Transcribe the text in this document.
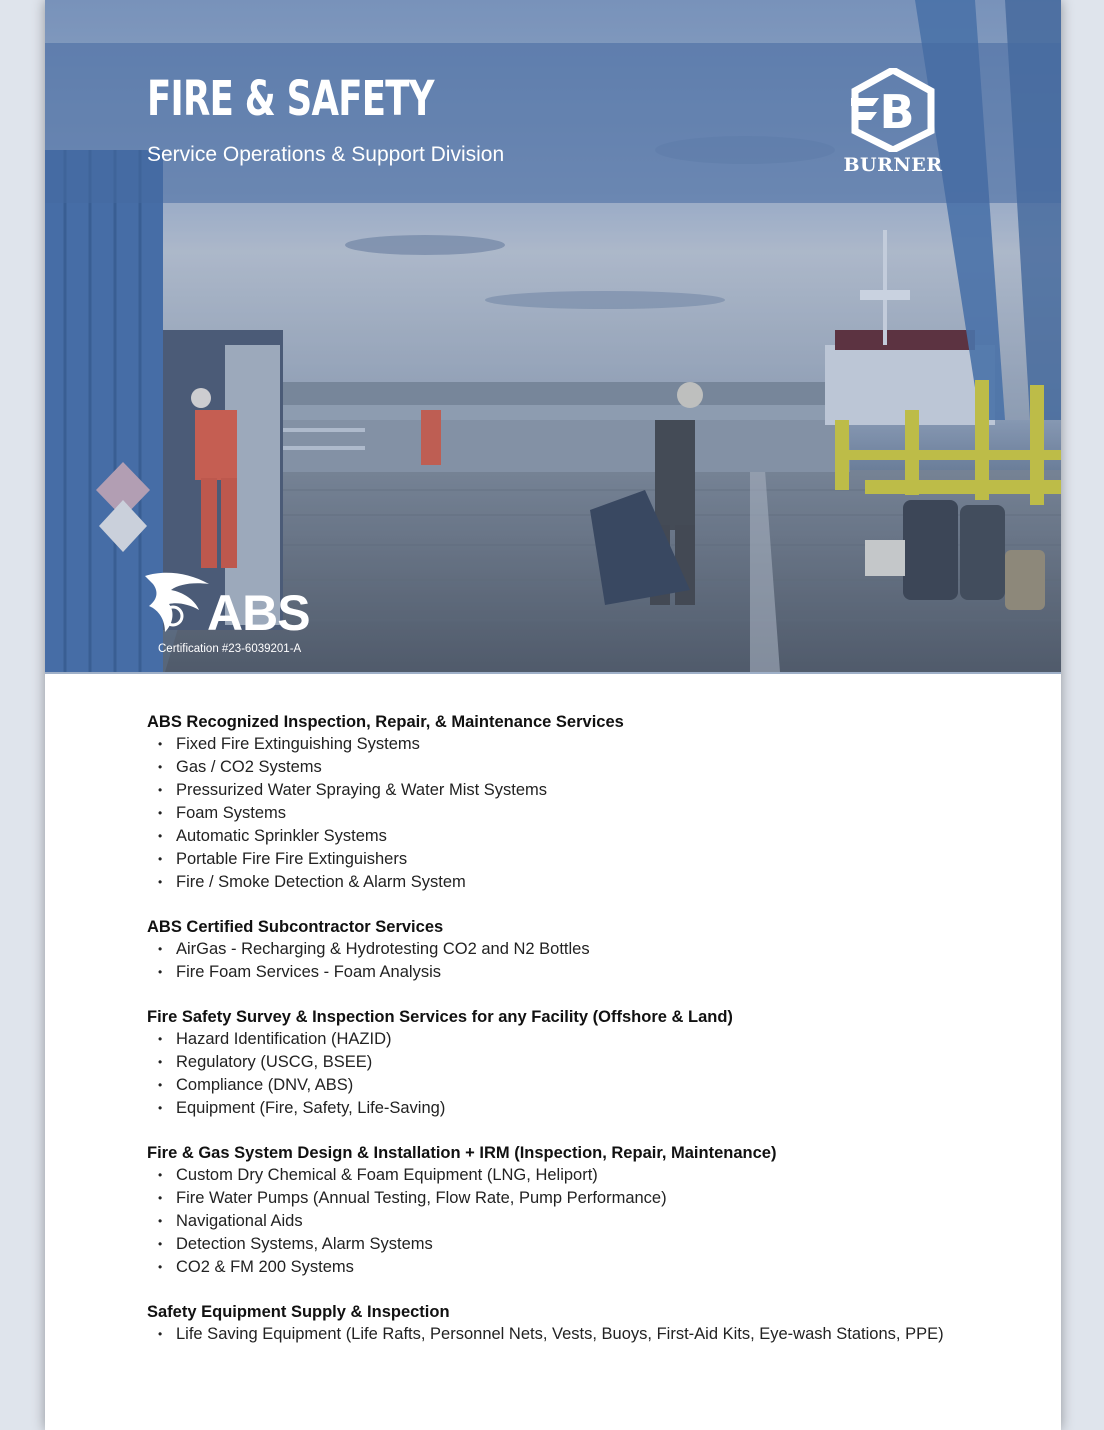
FIRE & SAFETY
Service Operations & Support Division
B
BURNER
ABS
Certification #23-6039201-A
ABS Recognized Inspection, Repair, & Maintenance Services
• Fixed Fire Extinguishing Systems
• Gas / CO2 Systems
• Pressurized Water Spraying & Water Mist Systems
• Foam Systems
• Automatic Sprinkler Systems
• Portable Fire Fire Extinguishers
• Fire / Smoke Detection & Alarm System
ABS Certified Subcontractor Services
• AirGas - Recharging & Hydrotesting CO2 and N2 Bottles
• Fire Foam Services - Foam Analysis
Fire Safety Survey & Inspection Services for any Facility (Offshore & Land)
• Hazard Identification (HAZID)
• Regulatory (USCG, BSEE)
• Compliance (DNV, ABS)
• Equipment (Fire, Safety, Life-Saving)
Fire & Gas System Design & Installation + IRM (Inspection, Repair, Maintenance)
• Custom Dry Chemical & Foam Equipment (LNG, Heliport)
• Fire Water Pumps (Annual Testing, Flow Rate, Pump Performance)
• Navigational Aids
• Detection Systems, Alarm Systems
• CO2 & FM 200 Systems
Safety Equipment Supply & Inspection
• Life Saving Equipment (Life Rafts, Personnel Nets, Vests, Buoys, First-Aid Kits, Eye-wash Stations, PPE)
